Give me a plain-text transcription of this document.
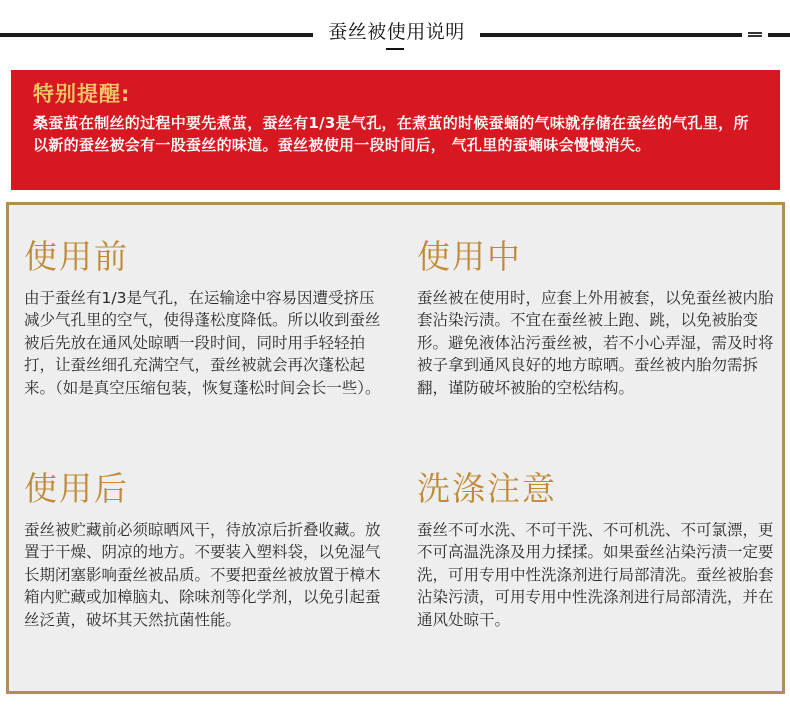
蚕丝被使用说明
特别提醒:
桑蚕茧在制丝的过程中要先煮茧，蚕丝有1/3是气孔，在煮茧的时候蚕蛹的气味就存储在蚕丝的气孔里，所以新的蚕丝被会有一股蚕丝的味道。蚕丝被使用一段时间后， 气孔里的蚕蛹味会慢慢消失。
使用前
由于蚕丝有1/3是气孔，在运输途中容易因遭受挤压减少气孔里的空气，使得蓬松度降低。所以收到蚕丝被后先放在通风处晾晒一段时间，同时用手轻轻拍打，让蚕丝细孔充满空气，蚕丝被就会再次蓬松起来。（如是真空压缩包装，恢复蓬松时间会长一些）。
使用中
蚕丝被在使用时，应套上外用被套，以免蚕丝被内胎套沾染污渍。不宜在蚕丝被上跑、跳，以免被胎变形。避免液体沾污蚕丝被，若不小心弄湿，需及时将被子拿到通风良好的地方晾晒。蚕丝被内胎勿需拆翻，谨防破坏被胎的空松结构。
使用后
蚕丝被贮藏前必须晾晒风干，待放凉后折叠收藏。放置于干燥、阴凉的地方。不要装入塑料袋，以免湿气长期闭塞影响蚕丝被品质。不要把蚕丝被放置于樟木箱内贮藏或加樟脑丸、除味剂等化学剂，以免引起蚕丝泛黄，破坏其天然抗菌性能。
洗涤注意
蚕丝不可水洗、不可干洗、不可机洗、不可氯漂，更不可高温洗涤及用力揉揉。如果蚕丝沾染污渍一定要洗，可用专用中性洗涤剂进行局部清洗。蚕丝被胎套沾染污渍，可用专用中性洗涤剂进行局部清洗，并在通风处晾干。
